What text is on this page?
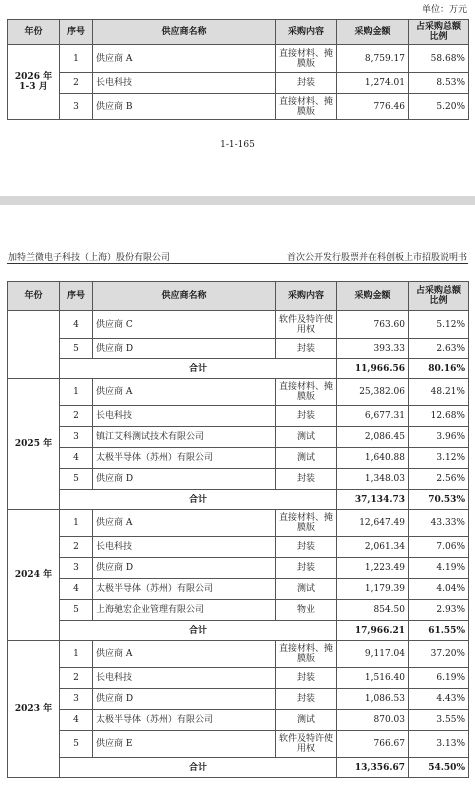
单位：万元
年份	序号	供应商名称	采购内容	采购金额	占采购总额比例
2026 年 1-3 月	1	供应商 A	直接材料、掩膜版	8,759.17	58.68%
	2	长电科技	封装	1,274.01	8.53%
	3	供应商 B	直接材料、掩膜版	776.46	5.20%
1-1-165
加特兰微电子科技（上海）股份有限公司	首次公开发行股票并在科创板上市招股说明书
年份	序号	供应商名称	采购内容	采购金额	占采购总额比例
	4	供应商 C	软件及特许使用权	763.60	5.12%
	5	供应商 D	封装	393.33	2.63%
	合计			11,966.56	80.16%
2025 年	1	供应商 A	直接材料、掩膜版	25,382.06	48.21%
	2	长电科技	封装	6,677.31	12.68%
	3	镇江艾科测试技术有限公司	测试	2,086.45	3.96%
	4	太极半导体（苏州）有限公司	测试	1,640.88	3.12%
	5	供应商 D	封装	1,348.03	2.56%
	合计			37,134.73	70.53%
2024 年	1	供应商 A	直接材料、掩膜版	12,647.49	43.33%
	2	长电科技	封装	2,061.34	7.06%
	3	供应商 D	封装	1,223.49	4.19%
	4	太极半导体（苏州）有限公司	测试	1,179.39	4.04%
	5	上海驰宏企业管理有限公司	物业	854.50	2.93%
	合计			17,966.21	61.55%
2023 年	1	供应商 A	直接材料、掩膜版	9,117.04	37.20%
	2	长电科技	封装	1,516.40	6.19%
	3	供应商 D	封装	1,086.53	4.43%
	4	太极半导体（苏州）有限公司	测试	870.03	3.55%
	5	供应商 E	软件及特许使用权	766.67	3.13%
	合计			13,356.67	54.50%
